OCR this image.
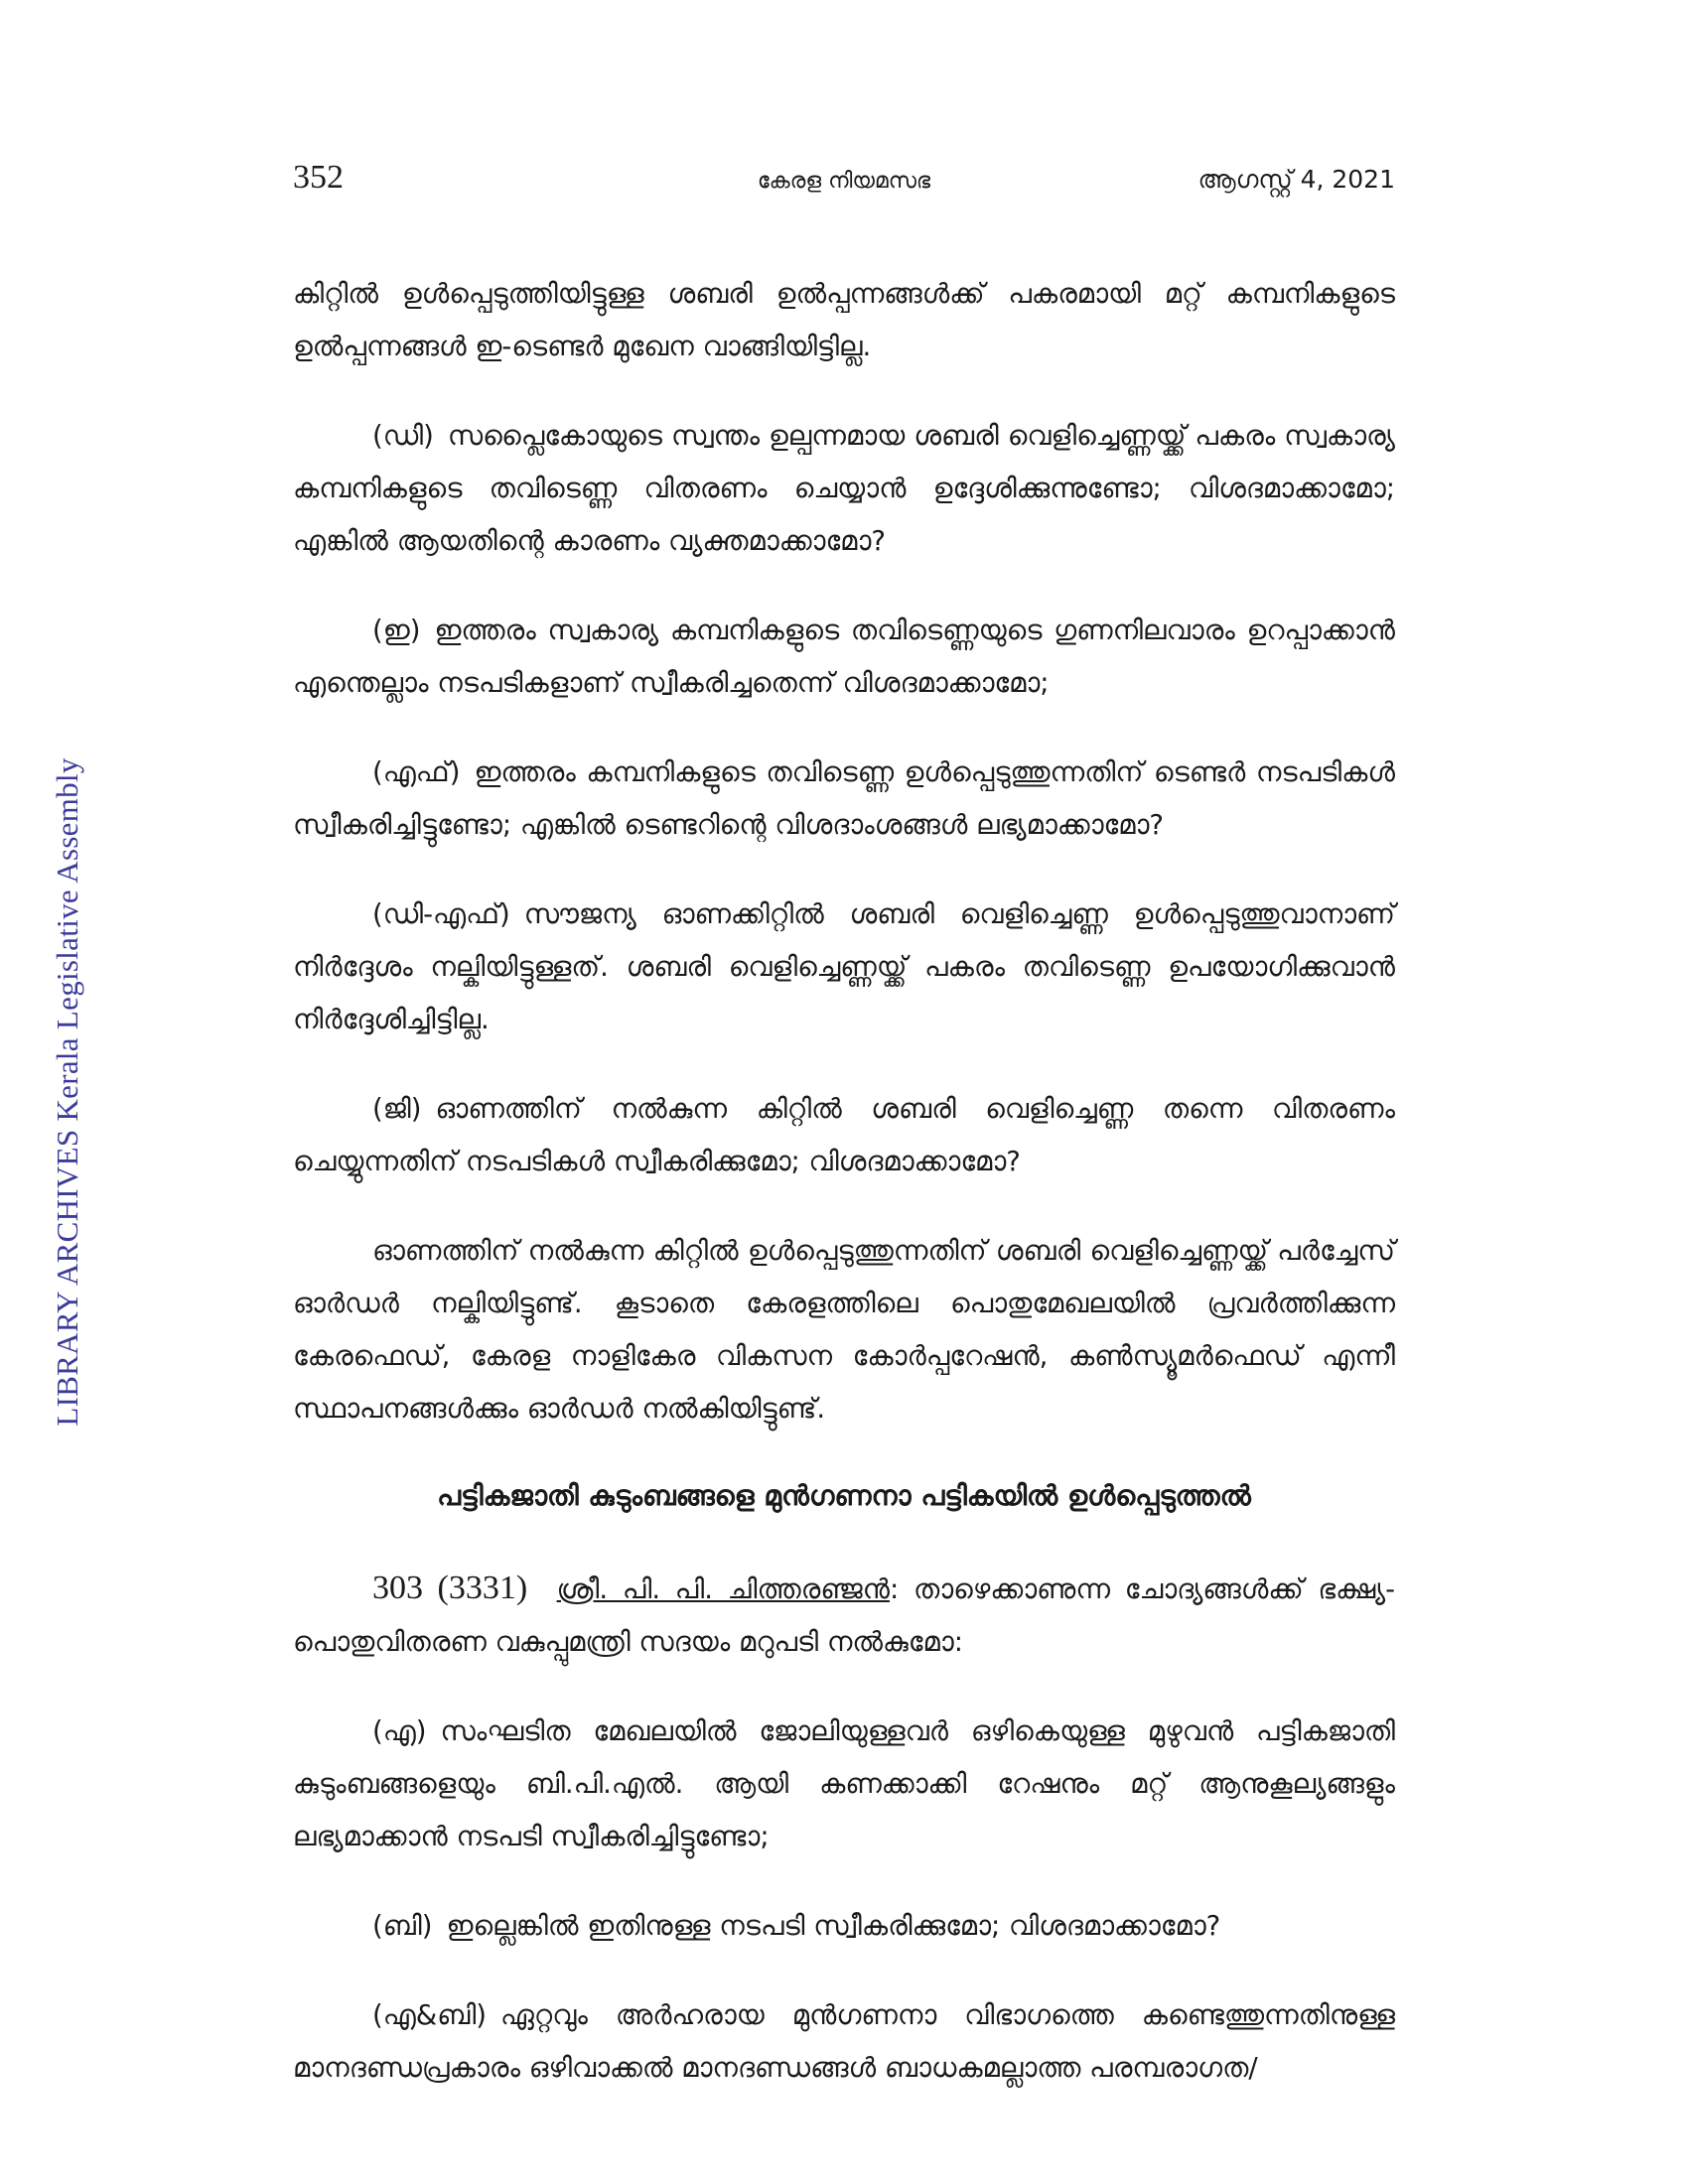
LIBRARY ARCHIVES Kerala Legislative Assembly
352	കേരള നിയമസഭ	ആഗസ്റ്റ് 4, 2021

കിറ്റിൽ ഉൾപ്പെടുത്തിയിട്ടുള്ള ശബരി ഉൽപ്പന്നങ്ങൾക്ക് പകരമായി മറ്റ് കമ്പനികളുടെ ഉൽപ്പന്നങ്ങൾ ഇ-ടെണ്ടർ മുഖേന വാങ്ങിയിട്ടില്ല.

(ഡി) സപ്ലൈകോയുടെ സ്വന്തം ഉല്പന്നമായ ശബരി വെളിച്ചെണ്ണയ്ക്ക് പകരം സ്വകാര്യ കമ്പനികളുടെ തവിടെണ്ണ വിതരണം ചെയ്യാൻ ഉദ്ദേശിക്കുന്നുണ്ടോ; വിശദമാക്കാമോ; എങ്കിൽ ആയതിന്റെ കാരണം വ്യക്തമാക്കാമോ?

(ഇ) ഇത്തരം സ്വകാര്യ കമ്പനികളുടെ തവിടെണ്ണയുടെ ഗുണനിലവാരം ഉറപ്പാക്കാൻ എന്തെല്ലാം നടപടികളാണ് സ്വീകരിച്ചതെന്ന് വിശദമാക്കാമോ;

(എഫ്) ഇത്തരം കമ്പനികളുടെ തവിടെണ്ണ ഉൾപ്പെടുത്തുന്നതിന് ടെണ്ടർ നടപടികൾ സ്വീകരിച്ചിട്ടുണ്ടോ; എങ്കിൽ ടെണ്ടറിന്റെ വിശദാംശങ്ങൾ ലഭ്യമാക്കാമോ?

(ഡി-എഫ്) സൗജന്യ ഓണക്കിറ്റിൽ ശബരി വെളിച്ചെണ്ണ ഉൾപ്പെടുത്തുവാനാണ് നിർദ്ദേശം നല്കിയിട്ടുള്ളത്. ശബരി വെളിച്ചെണ്ണയ്ക്ക് പകരം തവിടെണ്ണ ഉപയോഗിക്കുവാൻ നിർദ്ദേശിച്ചിട്ടില്ല.

(ജി) ഓണത്തിന് നൽകുന്ന കിറ്റിൽ ശബരി വെളിച്ചെണ്ണ തന്നെ വിതരണം ചെയ്യുന്നതിന് നടപടികൾ സ്വീകരിക്കുമോ; വിശദമാക്കാമോ?

ഓണത്തിന് നൽകുന്ന കിറ്റിൽ ഉൾപ്പെടുത്തുന്നതിന് ശബരി വെളിച്ചെണ്ണയ്ക്ക് പർച്ചേസ് ഓർഡർ നല്കിയിട്ടുണ്ട്. കൂടാതെ കേരളത്തിലെ പൊതുമേഖലയിൽ പ്രവർത്തിക്കുന്ന കേരഫെഡ്, കേരള നാളികേര വികസന കോർപ്പറേഷൻ, കൺസ്യൂമർഫെഡ് എന്നീ സ്ഥാപനങ്ങൾക്കും ഓർഡർ നൽകിയിട്ടുണ്ട്.

പട്ടികജാതി കുടുംബങ്ങളെ മുൻഗണനാ പട്ടികയിൽ ഉൾപ്പെടുത്തൽ

303 (3331) ശ്രീ. പി. പി. ചിത്തരഞ്ജൻ: താഴെക്കാണുന്ന ചോദ്യങ്ങൾക്ക് ഭക്ഷ്യ-പൊതുവിതരണ വകുപ്പുമന്ത്രി സദയം മറുപടി നൽകുമോ:

(എ) സംഘടിത മേഖലയിൽ ജോലിയുള്ളവർ ഒഴികെയുള്ള മുഴുവൻ പട്ടികജാതി കുടുംബങ്ങളെയും ബി.പി.എൽ. ആയി കണക്കാക്കി റേഷനും മറ്റ് ആനുകൂല്യങ്ങളും ലഭ്യമാക്കാൻ നടപടി സ്വീകരിച്ചിട്ടുണ്ടോ;

(ബി) ഇല്ലെങ്കിൽ ഇതിനുള്ള നടപടി സ്വീകരിക്കുമോ; വിശദമാക്കാമോ?

(എ&ബി) ഏറ്റവും അർഹരായ മുൻഗണനാ വിഭാഗത്തെ കണ്ടെത്തുന്നതിനുള്ള മാനദണ്ഡപ്രകാരം ഒഴിവാക്കൽ മാനദണ്ഡങ്ങൾ ബാധകമല്ലാത്ത പരമ്പരാഗത/
